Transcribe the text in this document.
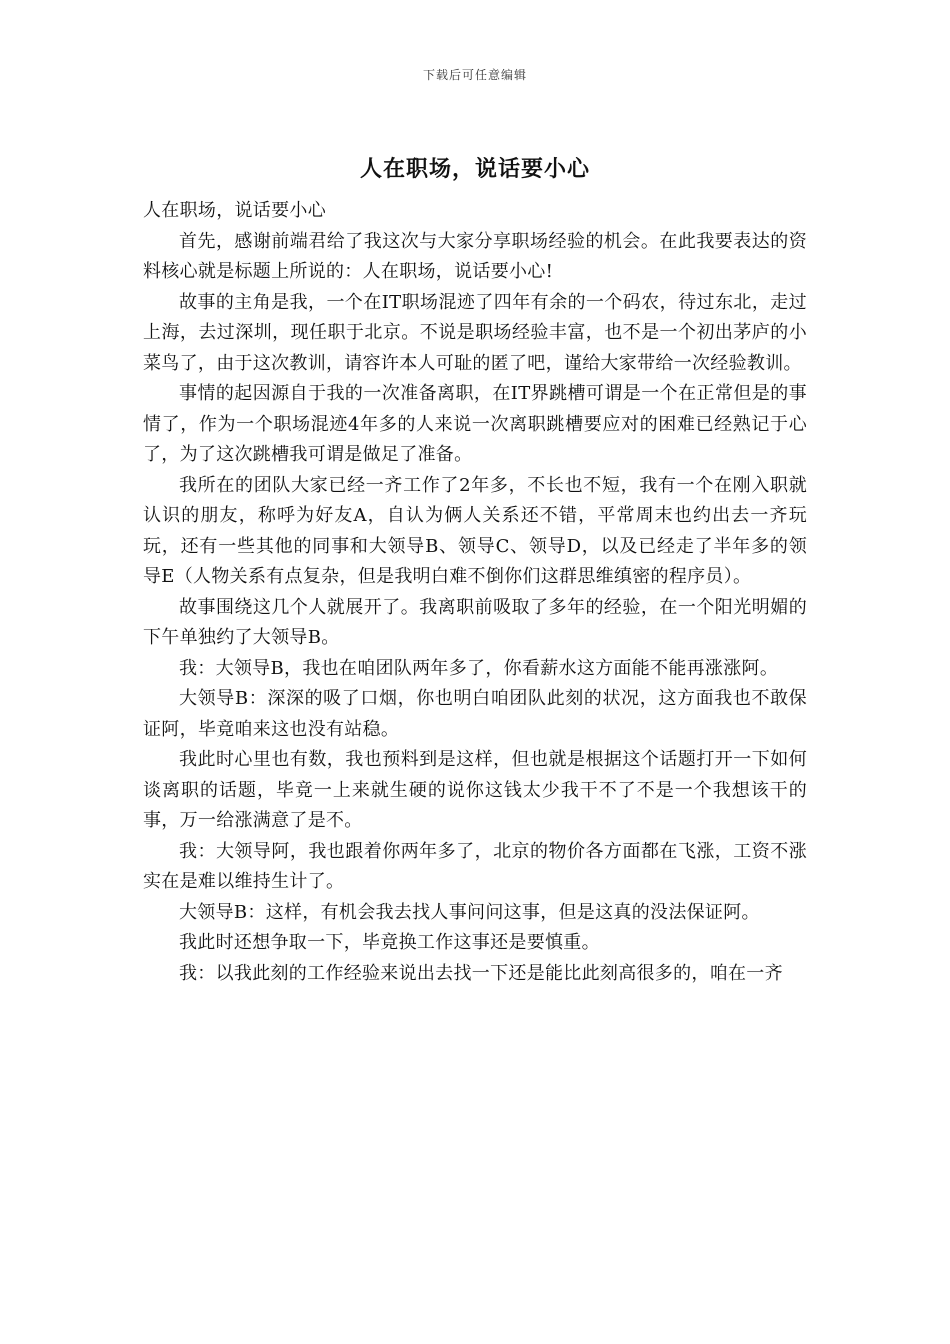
下载后可任意编辑
人在职场，说话要小心

人在职场，说话要小心

首先，感谢前端君给了我这次与大家分享职场经验的机会。在此我要表达的资料核心就是标题上所说的：人在职场，说话要小心!

故事的主角是我，一个在IT职场混迹了四年有余的一个码农，待过东北，走过上海，去过深圳，现任职于北京。不说是职场经验丰富，也不是一个初出茅庐的小菜鸟了，由于这次教训，请容许本人可耻的匿了吧，谨给大家带给一次经验教训。

事情的起因源自于我的一次准备离职，在IT界跳槽可谓是一个在正常但是的事情了，作为一个职场混迹4年多的人来说一次离职跳槽要应对的困难已经熟记于心了，为了这次跳槽我可谓是做足了准备。

我所在的团队大家已经一齐工作了2年多，不长也不短，我有一个在刚入职就认识的朋友，称呼为好友A，自认为俩人关系还不错，平常周末也约出去一齐玩玩，还有一些其他的同事和大领导B、领导C、领导D，以及已经走了半年多的领导E（人物关系有点复杂，但是我明白难不倒你们这群思维缜密的程序员）。

故事围绕这几个人就展开了。我离职前吸取了多年的经验，在一个阳光明媚的下午单独约了大领导B。

我：大领导B，我也在咱团队两年多了，你看薪水这方面能不能再涨涨阿。

大领导B：深深的吸了口烟，你也明白咱团队此刻的状况，这方面我也不敢保证阿，毕竟咱来这也没有站稳。

我此时心里也有数，我也预料到是这样，但也就是根据这个话题打开一下如何谈离职的话题，毕竟一上来就生硬的说你这钱太少我干不了不是一个我想该干的事，万一给涨满意了是不。

我：大领导阿，我也跟着你两年多了，北京的物价各方面都在飞涨，工资不涨实在是难以维持生计了。

大领导B：这样，有机会我去找人事问问这事，但是这真的没法保证阿。

我此时还想争取一下，毕竟换工作这事还是要慎重。

我：以我此刻的工作经验来说出去找一下还是能比此刻高很多的，咱在一齐
